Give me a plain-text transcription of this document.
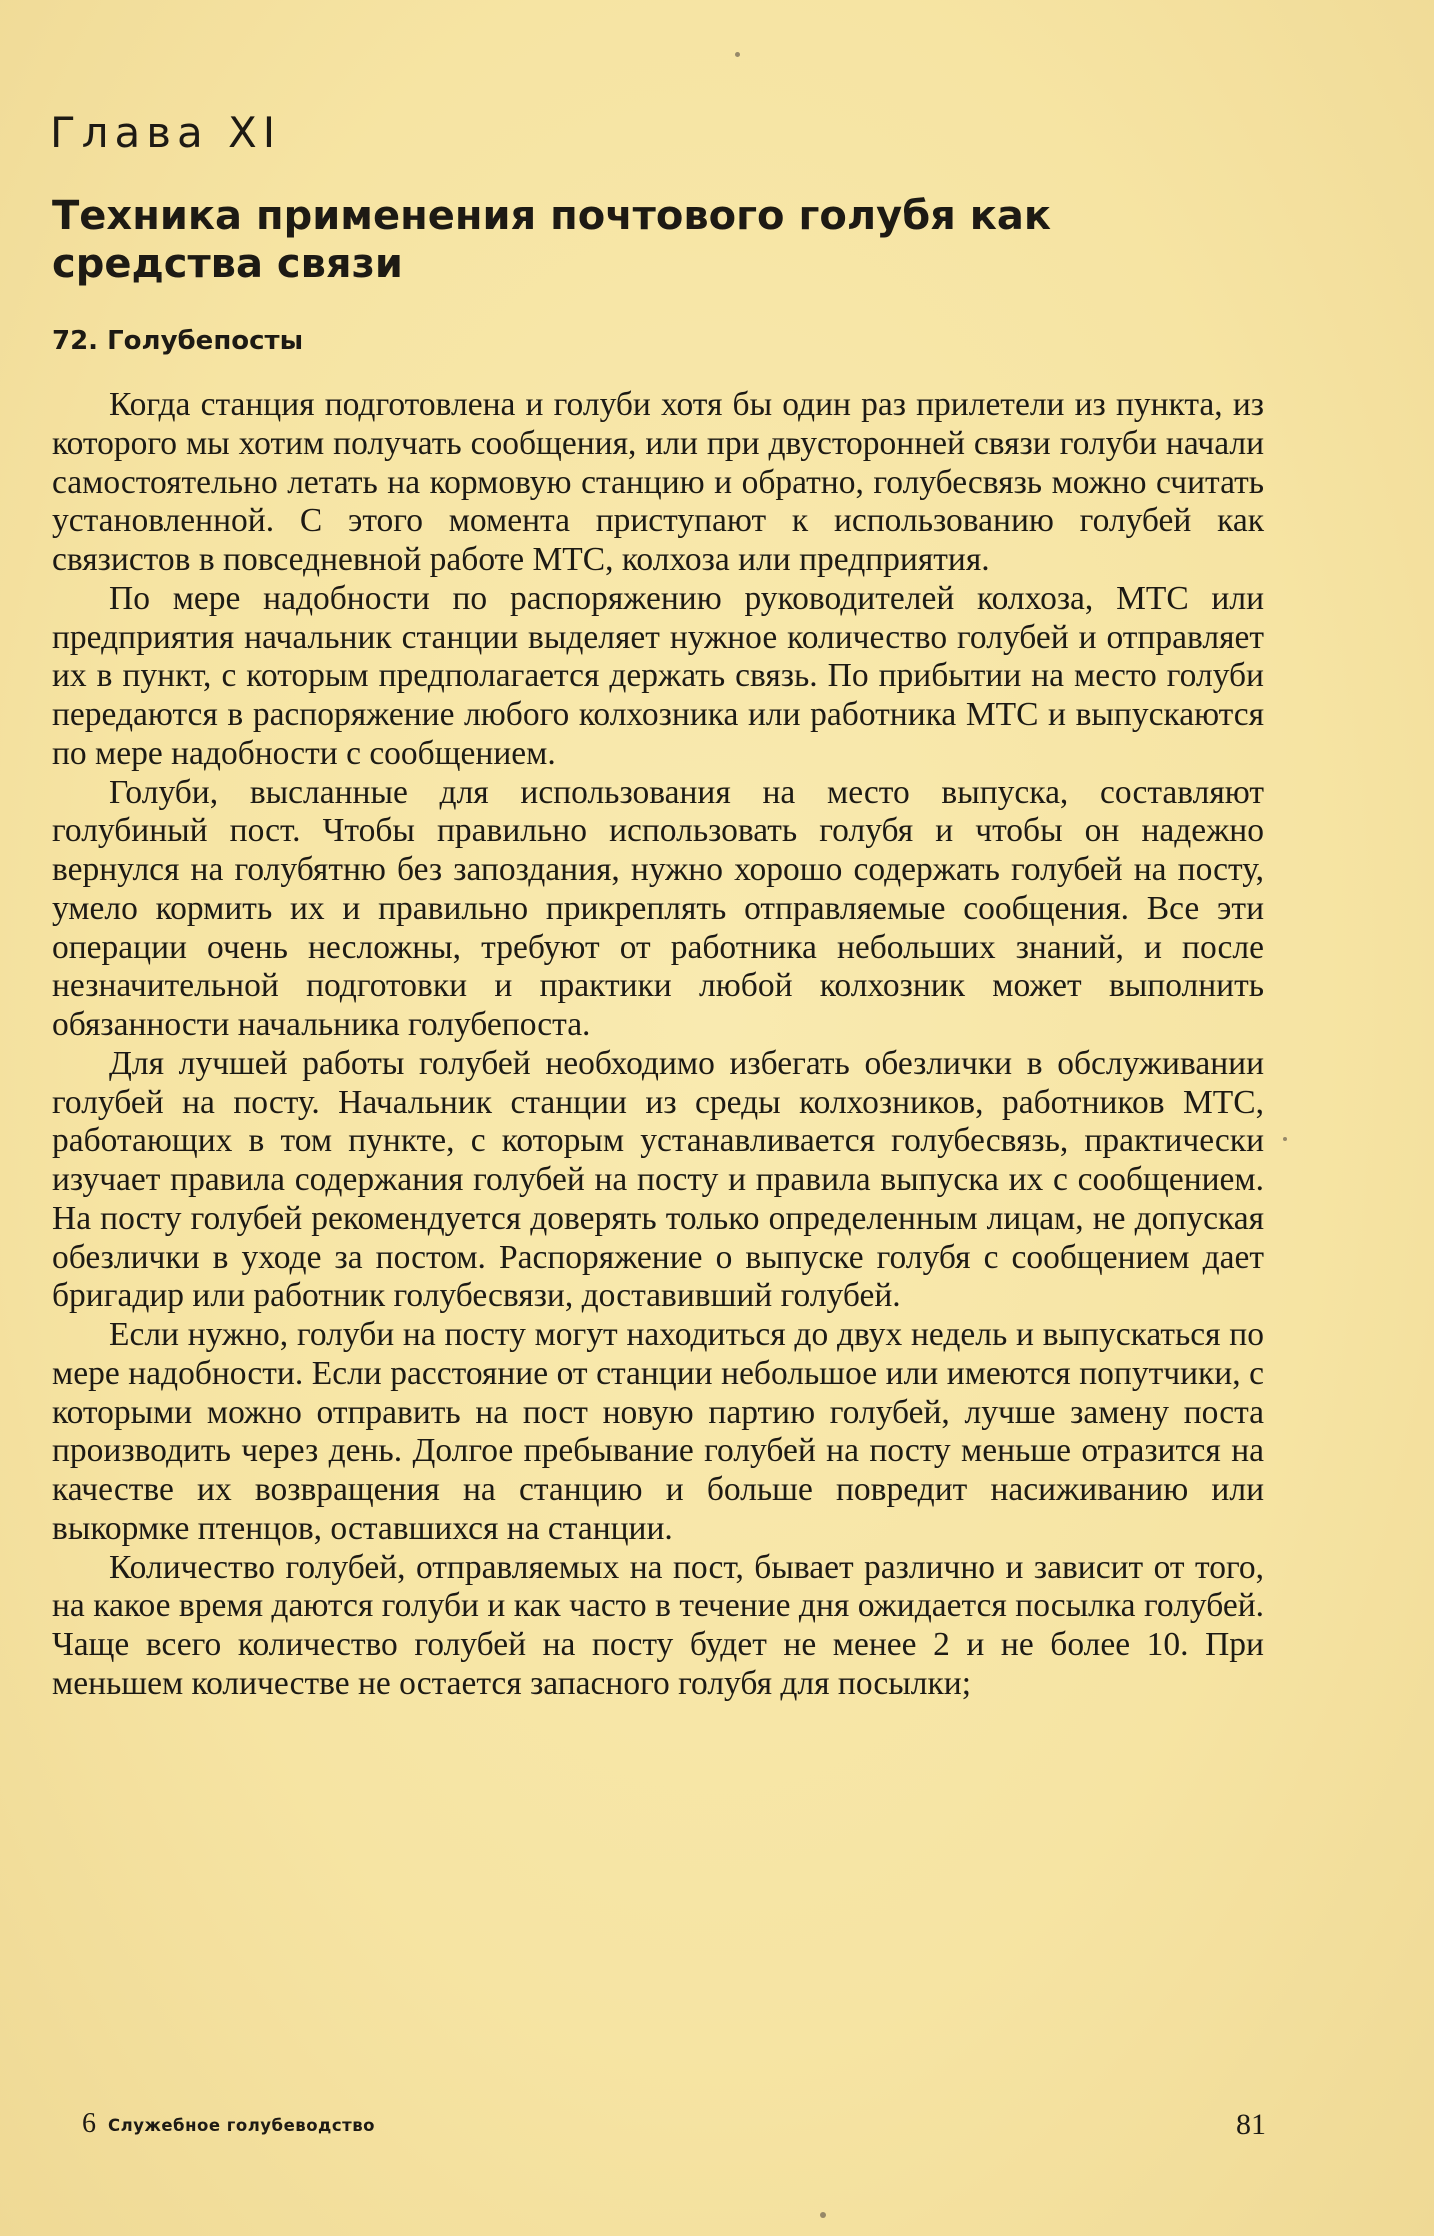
Глава XI
Техника применения почтового голубя как средства связи
72. Голубепосты

Когда станция подготовлена и голуби хотя бы один раз прилетели из пункта, из которого мы хотим получать сообщения, или при двусторонней связи голуби начали самостоятельно летать на кормовую станцию и обратно, голубесвязь можно считать установленной. С этого момента приступают к использованию голубей как связистов в повседневной работе МТС, колхоза или предприятия.

По мере надобности по распоряжению руководителей колхоза, МТС или предприятия начальник станции выделяет нужное количество голубей и отправляет их в пункт, с которым предполагается держать связь. По прибытии на место голуби передаются в распоряжение любого колхозника или работника МТС и выпускаются по мере надобности с сообщением.

Голуби, высланные для использования на место выпуска, составляют голубиный пост. Чтобы правильно использовать голубя и чтобы он надежно вернулся на голубятню без запоздания, нужно хорошо содержать голубей на посту, умело кормить их и правильно прикреплять отправляемые сообщения. Все эти операции очень несложны, требуют от работника небольших знаний, и после незначительной подготовки и практики любой колхозник может выполнить обязанности начальника голубепоста.

Для лучшей работы голубей необходимо избегать обезлички в обслуживании голубей на посту. Начальник станции из среды колхозников, работников МТС, работающих в том пункте, с которым устанавливается голубесвязь, практически изучает правила содержания голубей на посту и правила выпуска их с сообщением. На посту голубей рекомендуется доверять только определенным лицам, не допуская обезлички в уходе за постом. Распоряжение о выпуске голубя с сообщением дает бригадир или работник голубесвязи, доставивший голубей.

Если нужно, голуби на посту могут находиться до двух недель и выпускаться по мере надобности. Если расстояние от станции небольшое или имеются попутчики, с которыми можно отправить на пост новую партию голубей, лучше замену поста производить через день. Долгое пребывание голубей на посту меньше отразится на качестве их возвращения на станцию и больше повредит насиживанию или выкормке птенцов, оставшихся на станции.

Количество голубей, отправляемых на пост, бывает различно и зависит от того, на какое время даются голуби и как часто в течение дня ожидается посылка голубей. Чаще всего количество голубей на посту будет не менее 2 и не более 10. При меньшем количестве не остается запасного голубя для посылки;

6 Служебное голубеводство	81
